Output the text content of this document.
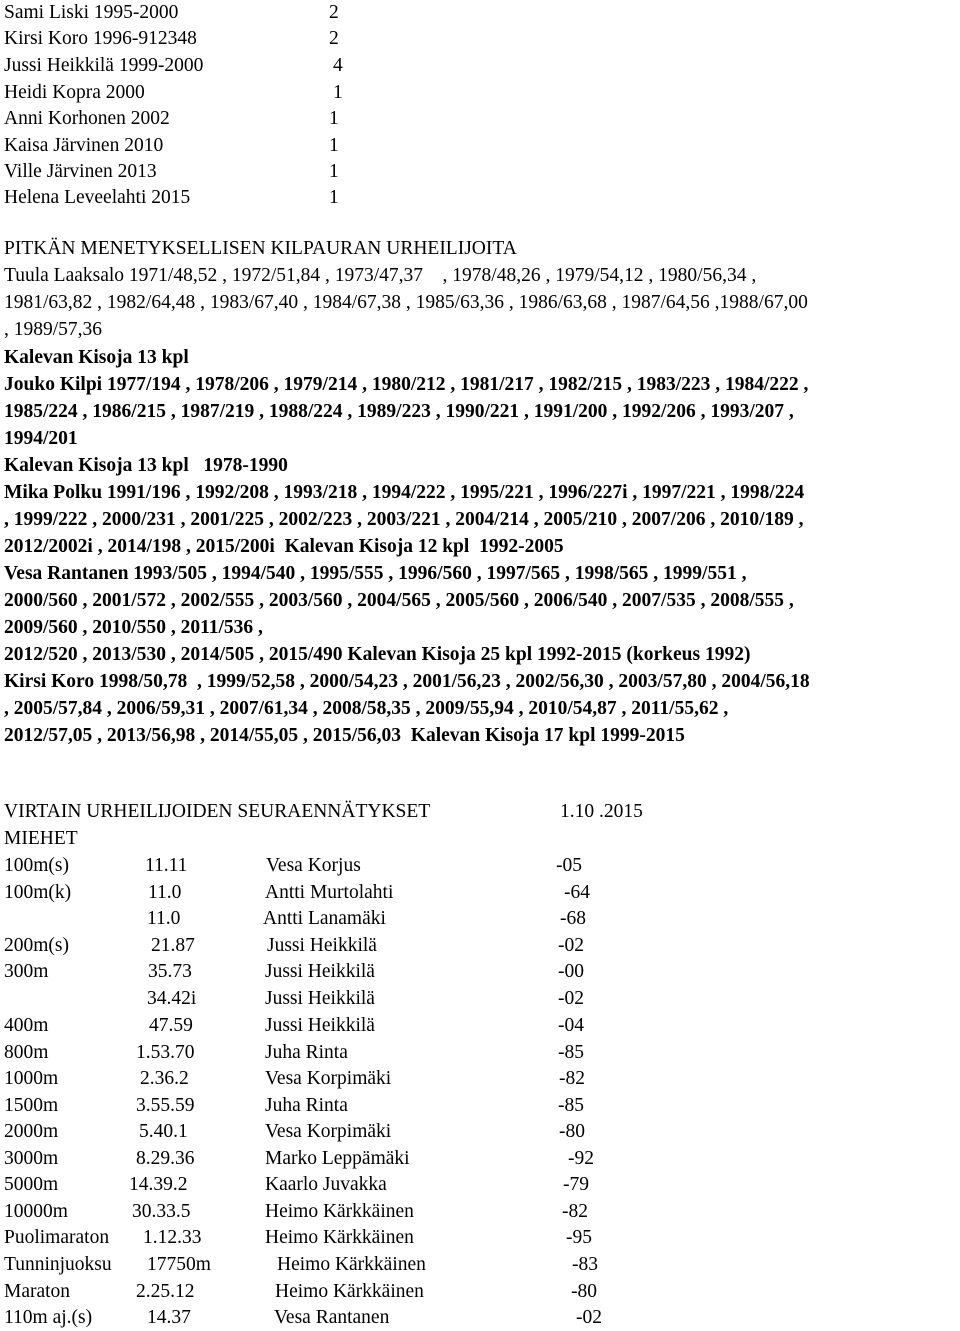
Sami Liski 1995-2000	2
Kirsi Koro 1996-912348	2
Jussi Heikkilä 1999-2000	4
Heidi Kopra 2000	1
Anni Korhonen 2002	1
Kaisa Järvinen 2010	1
Ville Järvinen 2013	1
Helena Leveelahti 2015	1
PITKÄN MENETYKSELLISEN KILPAURAN URHEILIJOITA
Tuula Laaksalo 1971/48,52 , 1972/51,84 , 1973/47,37    , 1978/48,26 , 1979/54,12 , 1980/56,34 ,
1981/63,82 , 1982/64,48 , 1983/67,40 , 1984/67,38 , 1985/63,36 , 1986/63,68 , 1987/64,56 ,1988/67,00
, 1989/57,36
Kalevan Kisoja 13 kpl
Jouko Kilpi 1977/194 , 1978/206 , 1979/214 , 1980/212 , 1981/217 , 1982/215 , 1983/223 , 1984/222 ,
1985/224 , 1986/215 , 1987/219 , 1988/224 , 1989/223 , 1990/221 , 1991/200 , 1992/206 , 1993/207 ,
1994/201
Kalevan Kisoja 13 kpl   1978-1990
Mika Polku 1991/196 , 1992/208 , 1993/218 , 1994/222 , 1995/221 , 1996/227i , 1997/221 , 1998/224
, 1999/222 , 2000/231 , 2001/225 , 2002/223 , 2003/221 , 2004/214 , 2005/210 , 2007/206 , 2010/189 ,
2012/2002i , 2014/198 , 2015/200i  Kalevan Kisoja 12 kpl  1992-2005
Vesa Rantanen 1993/505 , 1994/540 , 1995/555 , 1996/560 , 1997/565 , 1998/565 , 1999/551 ,
2000/560 , 2001/572 , 2002/555 , 2003/560 , 2004/565 , 2005/560 , 2006/540 , 2007/535 , 2008/555 ,
2009/560 , 2010/550 , 2011/536 ,
2012/520 , 2013/530 , 2014/505 , 2015/490 Kalevan Kisoja 25 kpl 1992-2015 (korkeus 1992)
Kirsi Koro 1998/50,78  , 1999/52,58 , 2000/54,23 , 2001/56,23 , 2002/56,30 , 2003/57,80 , 2004/56,18
, 2005/57,84 , 2006/59,31 , 2007/61,34 , 2008/58,35 , 2009/55,94 , 2010/54,87 , 2011/55,62 ,
2012/57,05 , 2013/56,98 , 2014/55,05 , 2015/56,03  Kalevan Kisoja 17 kpl 1999-2015
VIRTAIN URHEILIJOIDEN SEURAENNÄTYKSET	1.10 .2015
MIEHET
100m(s)	11.11	Vesa Korjus	-05
100m(k)	11.0	Antti Murtolahti	-64
11.0	Antti Lanamäki	-68
200m(s)	21.87	Jussi Heikkilä	-02
300m	35.73	Jussi Heikkilä	-00
34.42i	Jussi Heikkilä	-02
400m	47.59	Jussi Heikkilä	-04
800m	1.53.70	Juha Rinta	-85
1000m	2.36.2	Vesa Korpimäki	-82
1500m	3.55.59	Juha Rinta	-85
2000m	5.40.1	Vesa Korpimäki	-80
3000m	8.29.36	Marko Leppämäki	-92
5000m	14.39.2	Kaarlo Juvakka	-79
10000m	30.33.5	Heimo Kärkkäinen	-82
Puolimaraton 1.12.33	Heimo Kärkkäinen	-95
Tunninjuoksu 17750m	Heimo Kärkkäinen	-83
Maraton	2.25.12	Heimo Kärkkäinen	-80
110m aj.(s)	14.37	Vesa Rantanen	-02
